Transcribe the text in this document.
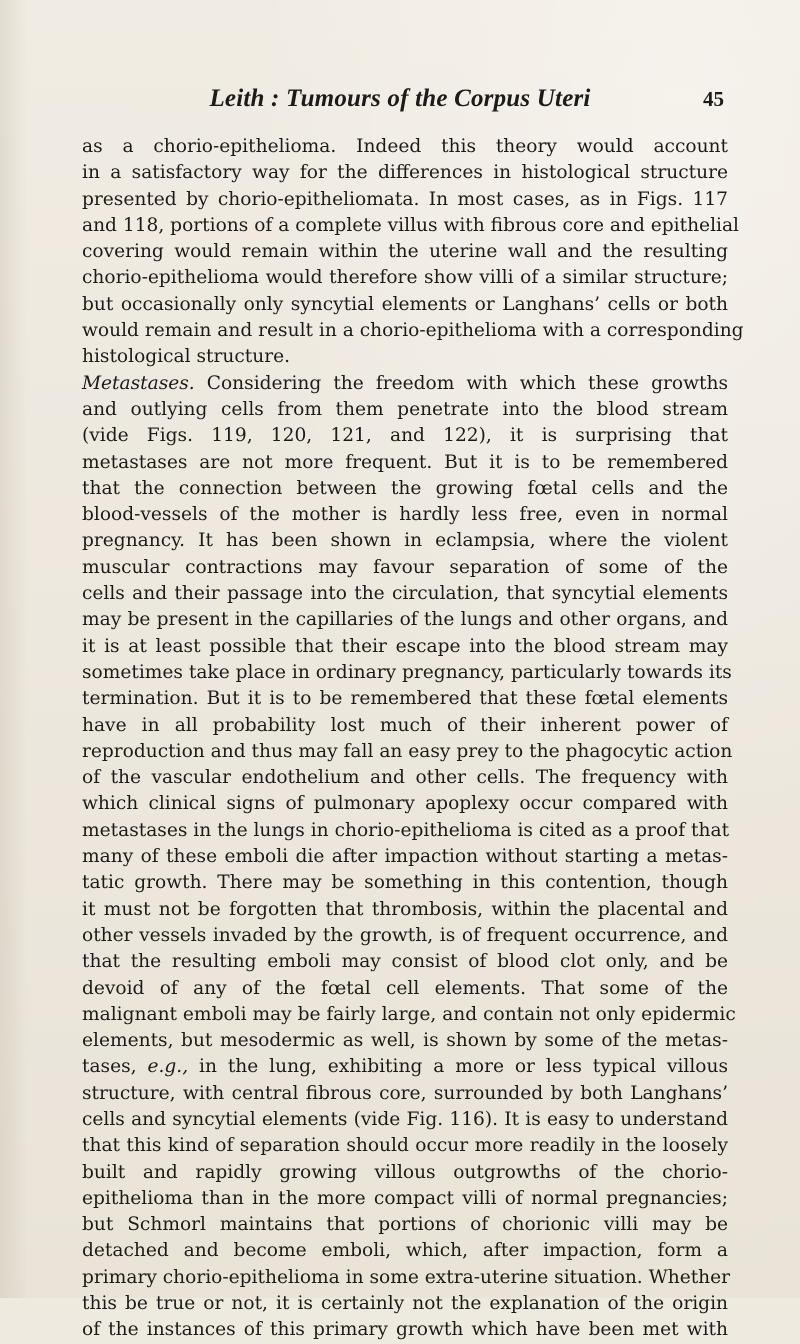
Leith : Tumours of the Corpus Uteri	45
as a chorio-epithelioma. Indeed this theory would account
in a satisfactory way for the differences in histological structure
presented by chorio-epitheliomata. In most cases, as in Figs. 117
and 118, portions of a complete villus with fibrous core and epithelial
covering would remain within the uterine wall and the resulting
chorio-epithelioma would therefore show villi of a similar structure;
but occasionally only syncytial elements or Langhans’ cells or both
would remain and result in a chorio-epithelioma with a corresponding
histological structure.
Metastases. Considering the freedom with which these growths
and outlying cells from them penetrate into the blood stream
(vide Figs. 119, 120, 121, and 122), it is surprising that
metastases are not more frequent. But it is to be remembered
that the connection between the growing fœtal cells and the
blood-vessels of the mother is hardly less free, even in normal
pregnancy. It has been shown in eclampsia, where the violent
muscular contractions may favour separation of some of the
cells and their passage into the circulation, that syncytial elements
may be present in the capillaries of the lungs and other organs, and
it is at least possible that their escape into the blood stream may
sometimes take place in ordinary pregnancy, particularly towards its
termination. But it is to be remembered that these fœtal elements
have in all probability lost much of their inherent power of
reproduction and thus may fall an easy prey to the phagocytic action
of the vascular endothelium and other cells. The frequency with
which clinical signs of pulmonary apoplexy occur compared with
metastases in the lungs in chorio-epithelioma is cited as a proof that
many of these emboli die after impaction without starting a metas-
tatic growth. There may be something in this contention, though
it must not be forgotten that thrombosis, within the placental and
other vessels invaded by the growth, is of frequent occurrence, and
that the resulting emboli may consist of blood clot only, and be
devoid of any of the fœtal cell elements. That some of the
malignant emboli may be fairly large, and contain not only epidermic
elements, but mesodermic as well, is shown by some of the metas-
tases, e.g., in the lung, exhibiting a more or less typical villous
structure, with central fibrous core, surrounded by both Langhans’
cells and syncytial elements (vide Fig. 116). It is easy to understand
that this kind of separation should occur more readily in the loosely
built and rapidly growing villous outgrowths of the chorio-
epithelioma than in the more compact villi of normal pregnancies;
but Schmorl maintains that portions of chorionic villi may be
detached and become emboli, which, after impaction, form a
primary chorio-epithelioma in some extra-uterine situation. Whether
this be true or not, it is certainly not the explanation of the origin
of the instances of this primary growth which have been met with
